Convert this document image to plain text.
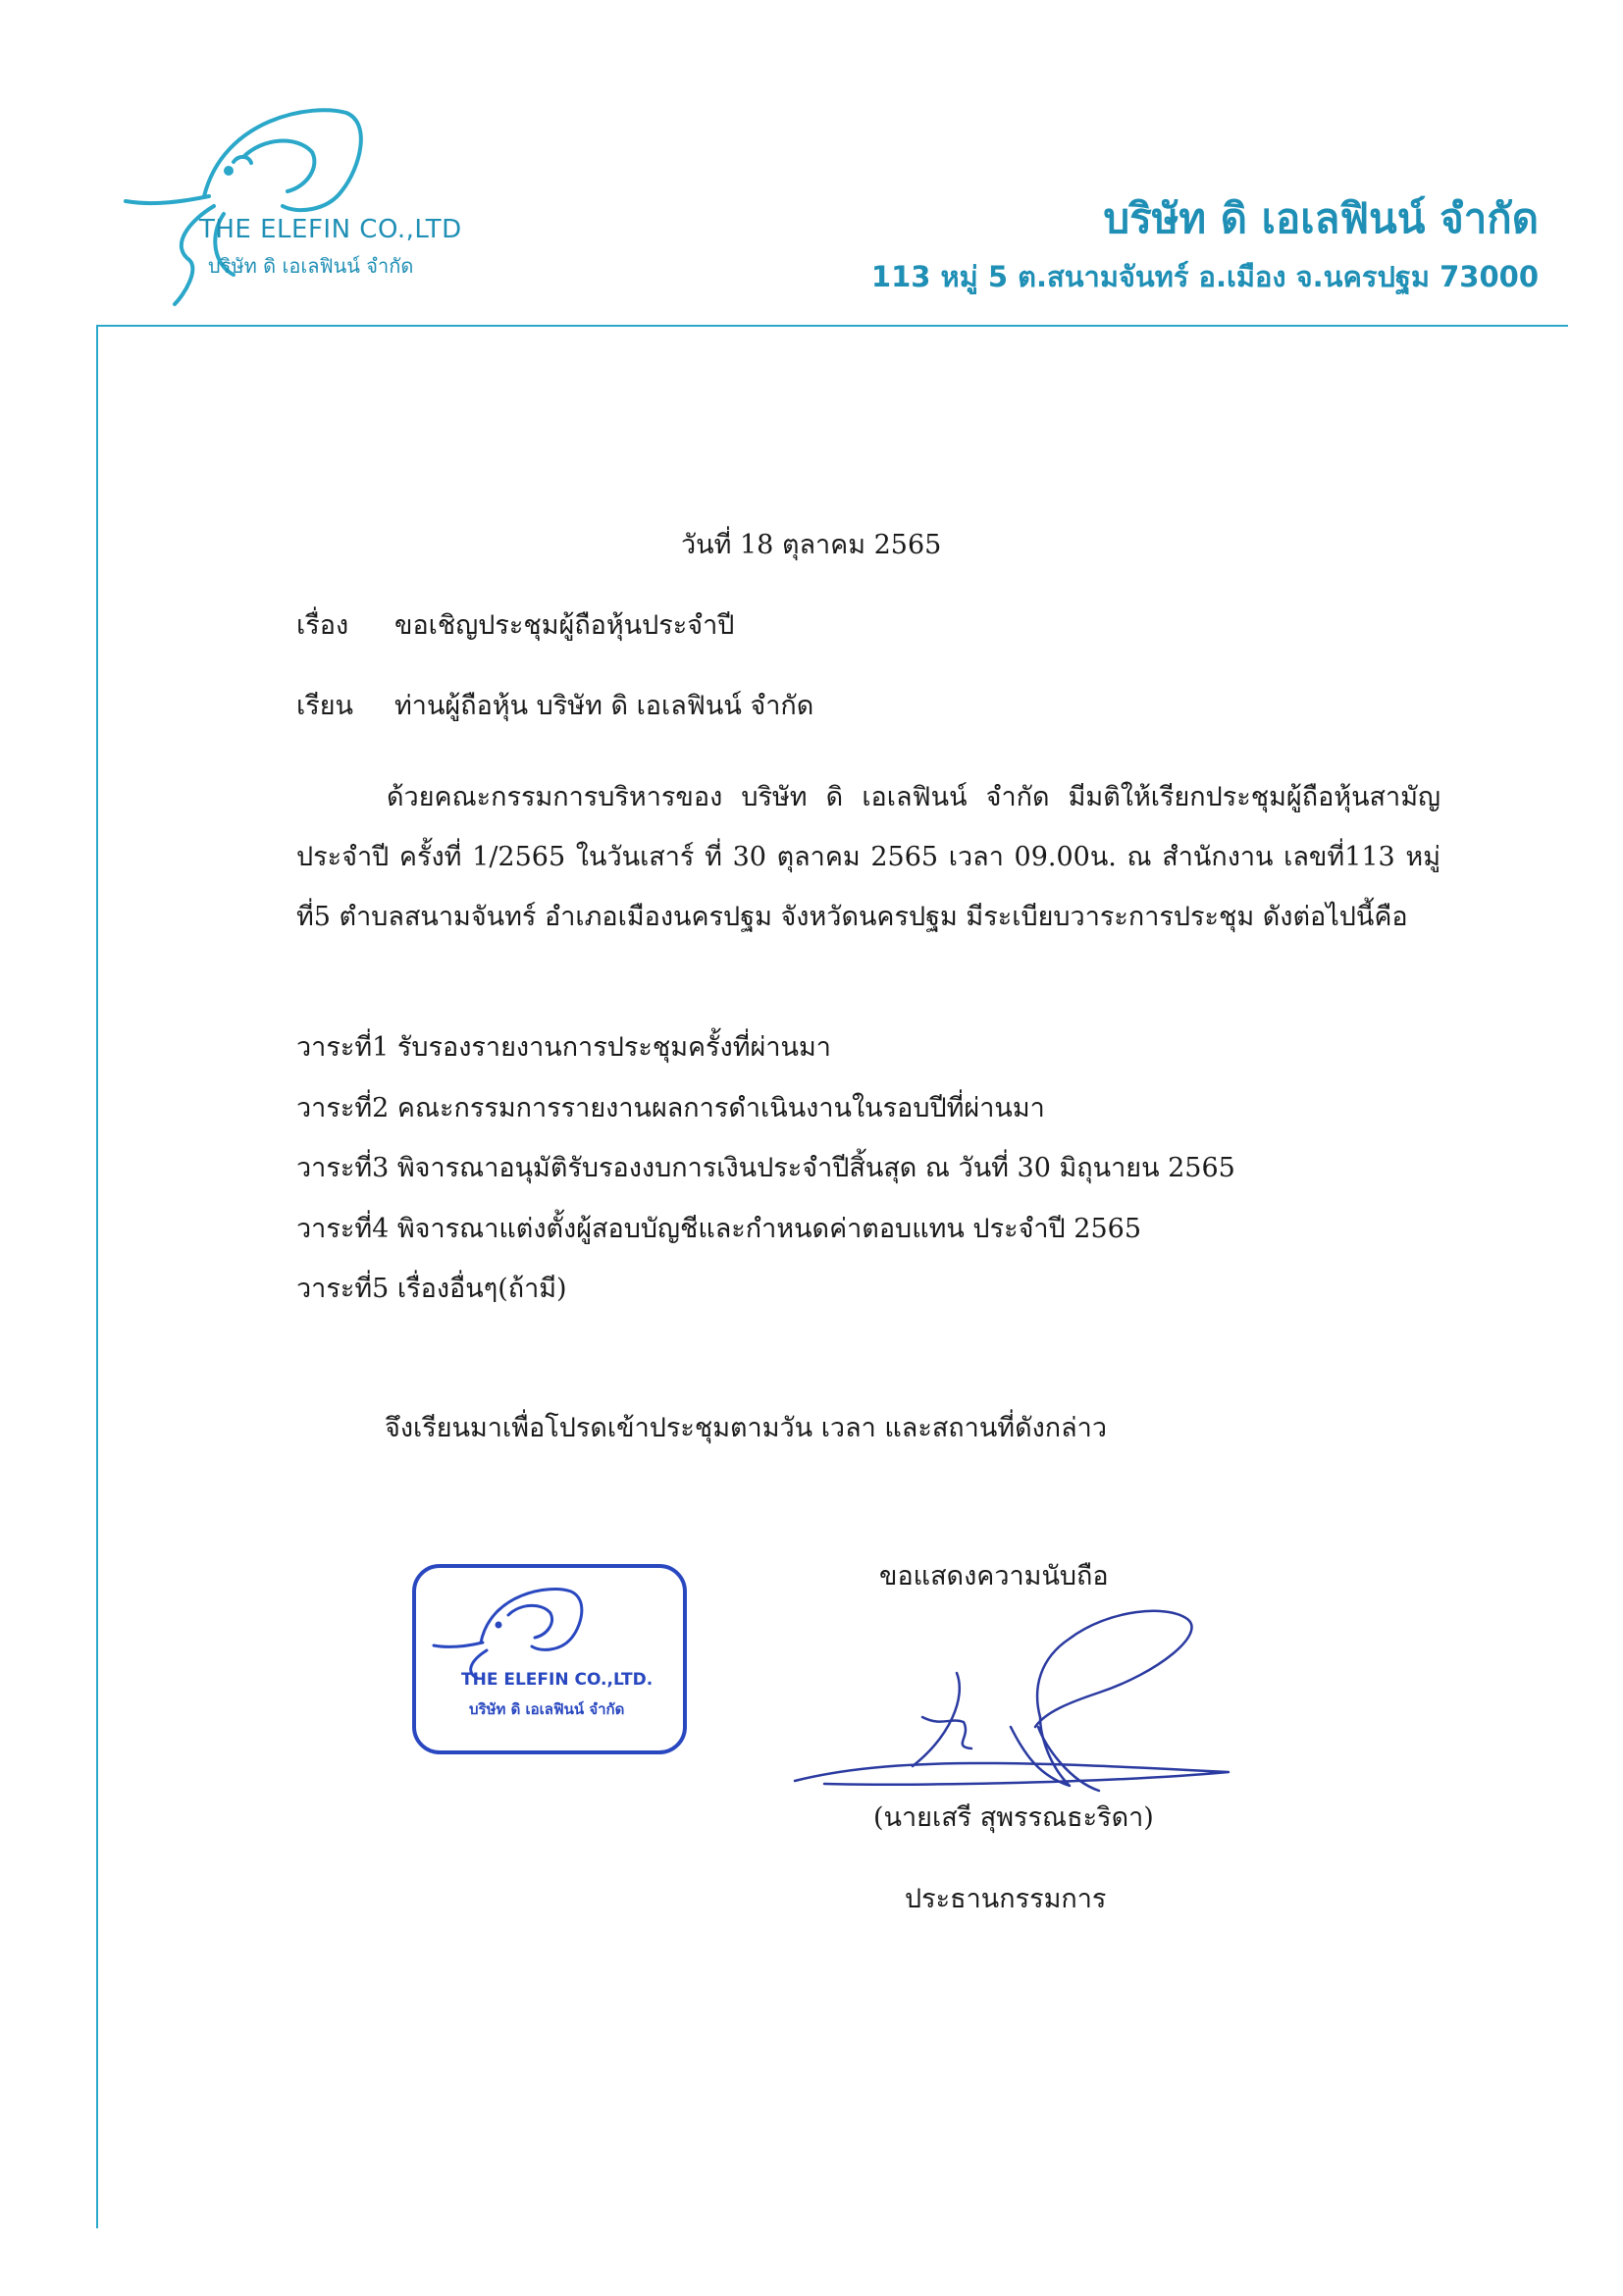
THE ELEFIN CO.,LTD
บริษัท ดิ เอเลฟินน์ จำกัด
บริษัท ดิ เอเลฟินน์ จำกัด
113 หมู่ 5 ต.สนามจันทร์ อ.เมือง จ.นครปฐม 73000
วันที่ 18 ตุลาคม 2565
เรื่อง ขอเชิญประชุมผู้ถือหุ้นประจำปี
เรียน ท่านผู้ถือหุ้น บริษัท ดิ เอเลฟินน์ จำกัด
ด้วยคณะกรรมการบริหารของ บริษัท ดิ เอเลฟินน์ จำกัด มีมติให้เรียกประชุมผู้ถือหุ้นสามัญประจำปี ครั้งที่ 1/2565 ในวันเสาร์ ที่ 30 ตุลาคม 2565 เวลา 09.00น. ณ สำนักงาน เลขที่113 หมู่ที่5 ตำบลสนามจันทร์ อำเภอเมืองนครปฐม จังหวัดนครปฐม มีระเบียบวาระการประชุม ดังต่อไปนี้คือ
วาระที่1 รับรองรายงานการประชุมครั้งที่ผ่านมา
วาระที่2 คณะกรรมการรายงานผลการดำเนินงานในรอบปีที่ผ่านมา
วาระที่3 พิจารณาอนุมัติรับรองงบการเงินประจำปีสิ้นสุด ณ วันที่ 30 มิถุนายน 2565
วาระที่4 พิจารณาแต่งตั้งผู้สอบบัญชีและกำหนดค่าตอบแทน ประจำปี 2565
วาระที่5 เรื่องอื่นๆ(ถ้ามี)
จึงเรียนมาเพื่อโปรดเข้าประชุมตามวัน เวลา และสถานที่ดังกล่าว
ขอแสดงความนับถือ
THE ELEFIN CO.,LTD.
บริษัท ดิ เอเลฟินน์ จำกัด
(นายเสรี สุพรรณธะริดา)
ประธานกรรมการ
